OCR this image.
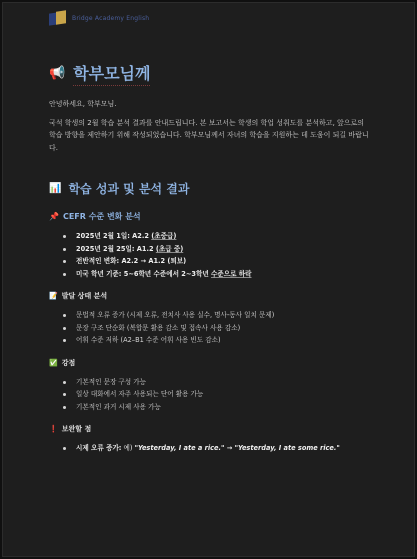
Bridge Academy English
📢 학부모님께

안녕하세요, 학부모님.

국석 학생의 2월 학습 분석 결과를 안내드립니다. 본 보고서는 학생의 학업 성취도를 분석하고, 앞으로의 학습 방향을 제안하기 위해 작성되었습니다. 학부모님께서 자녀의 학습을 지원하는 데 도움이 되길 바랍니다.

📊 학습 성과 및 분석 결과
📌 CEFR 수준 변화 분석
2025년 2월 1일: A2.2 (초중급)
2025년 2월 25일: A1.2 (초급 중)
전반적인 변화: A2.2 → A1.2 (퇴보)
미국 학년 기준: 5~6학년 수준에서 2~3학년 수준으로 하락
📝 발달 상태 분석
문법적 오류 증가 (시제 오류, 전치사 사용 실수, 명사-동사 일치 문제)
문장 구조 단순화 (복합문 활용 감소 및 접속사 사용 감소)
어휘 수준 저하 (A2–B1 수준 어휘 사용 빈도 감소)
✅ 강점
기본적인 문장 구성 가능
일상 대화에서 자주 사용되는 단어 활용 가능
기본적인 과거 시제 사용 가능
❗ 보완할 점
시제 오류 증가: 예) "Yesterday, I ate a rice." → "Yesterday, I ate some rice."
